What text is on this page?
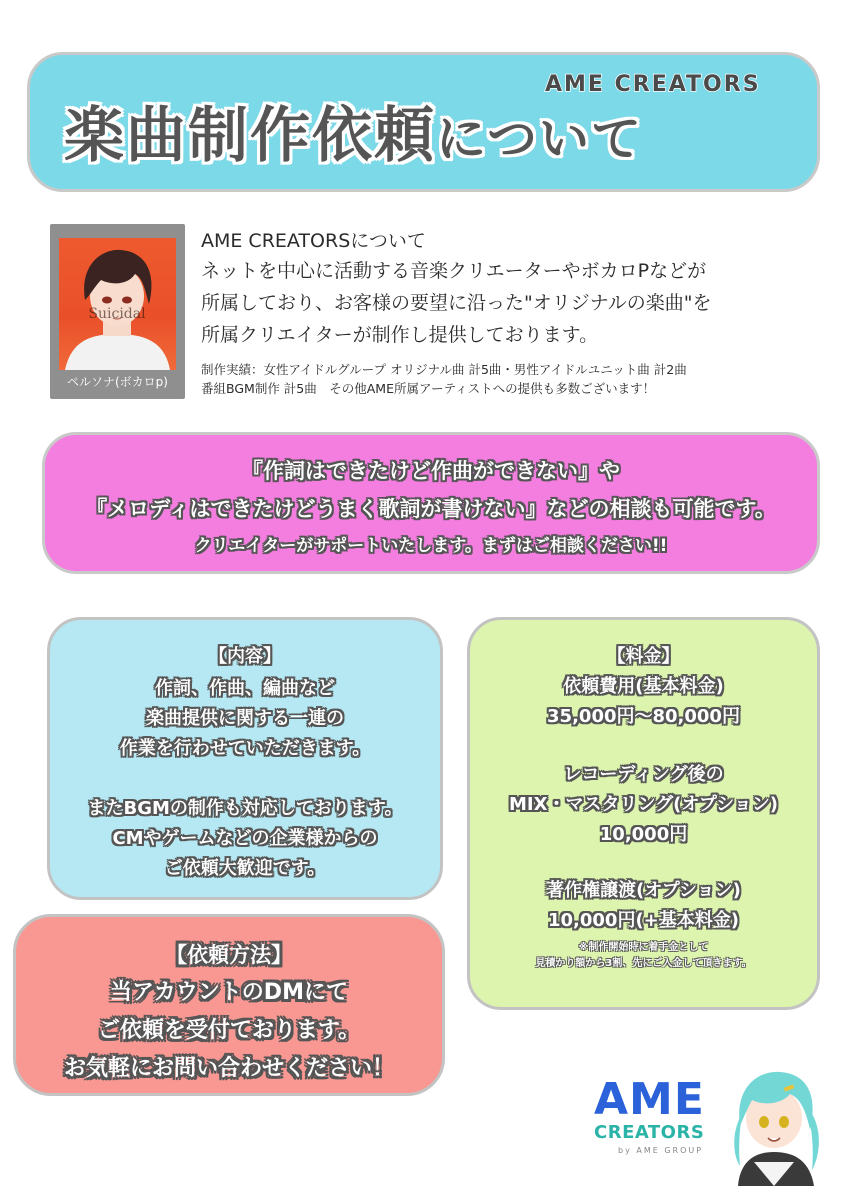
AME CREATORS
楽曲制作依頼について
Suicidal
ペルソナ(ボカロp)
AME CREATORSについて
ネットを中心に活動する音楽クリエーターやボカロPなどが
所属しており、お客様の要望に沿った"オリジナルの楽曲"を
所属クリエイターが制作し提供しております。
制作実績：女性アイドルグループ オリジナル曲 計5曲・男性アイドルユニット曲 計2曲
番組BGM制作 計5曲　その他AME所属アーティストへの提供も多数ございます！
『作詞はできたけど作曲ができない』や
『メロディはできたけどうまく歌詞が書けない』などの相談も可能です。
クリエイターがサポートいたします。まずはご相談ください!!
【内容】
作詞、作曲、編曲など
楽曲提供に関する一連の
作業を行わせていただきます。
またBGMの制作も対応しております。
CMやゲームなどの企業様からの
ご依頼大歓迎です。
【料金】
依頼費用(基本料金)
35,000円～80,000円
レコーディング後の
MIX・マスタリング(オプション)
10,000円
著作権譲渡(オプション)
10,000円(+基本料金)
※制作開始時に着手金として
見積かり額から3割、先にご入金して頂きます。
【依頼方法】
当アカウントのDMにて
ご依頼を受付ております。
お気軽にお問い合わせください！
AME
CREATORS
by AME GROUP
